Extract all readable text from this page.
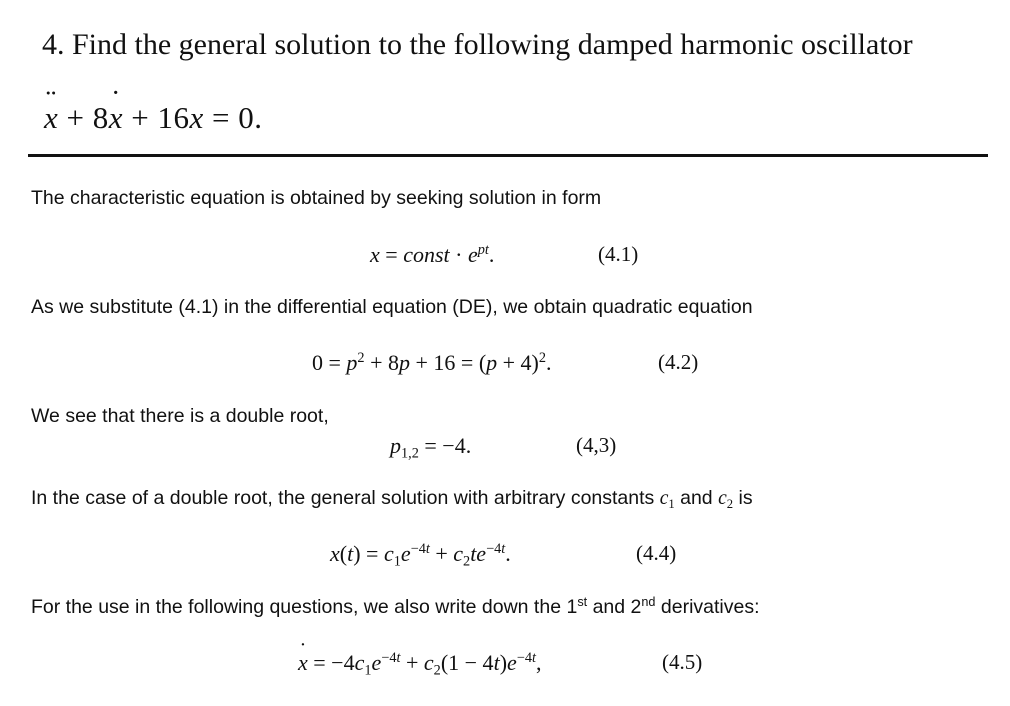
4. Find the general solution to the following damped harmonic oscillator
¨ x + 8˙ x + 16x = 0.
The characteristic equation is obtained by seeking solution in form
x = const · $e^{pt}$.	(4.1)
As we substitute (4.1) in the differential equation (DE), we obtain quadratic equation
$0 = p^2 + 8p + 16 = (p + 4)^2$.	(4.2)
We see that there is a double root,
$p_{1,2} = -4$.	(4,3)
In the case of a double root, the general solution with arbitrary constants $c_1$ and $c_2$ is
$x(t) = c_1e^{-4t} + c_2te^{-4t}$.	(4.4)
For the use in the following questions, we also write down the 1st and 2nd derivatives:
˙ $x = -4c_1e^{-4t} + c_2(1 - 4t)e^{-4t}$,	(4.5)
